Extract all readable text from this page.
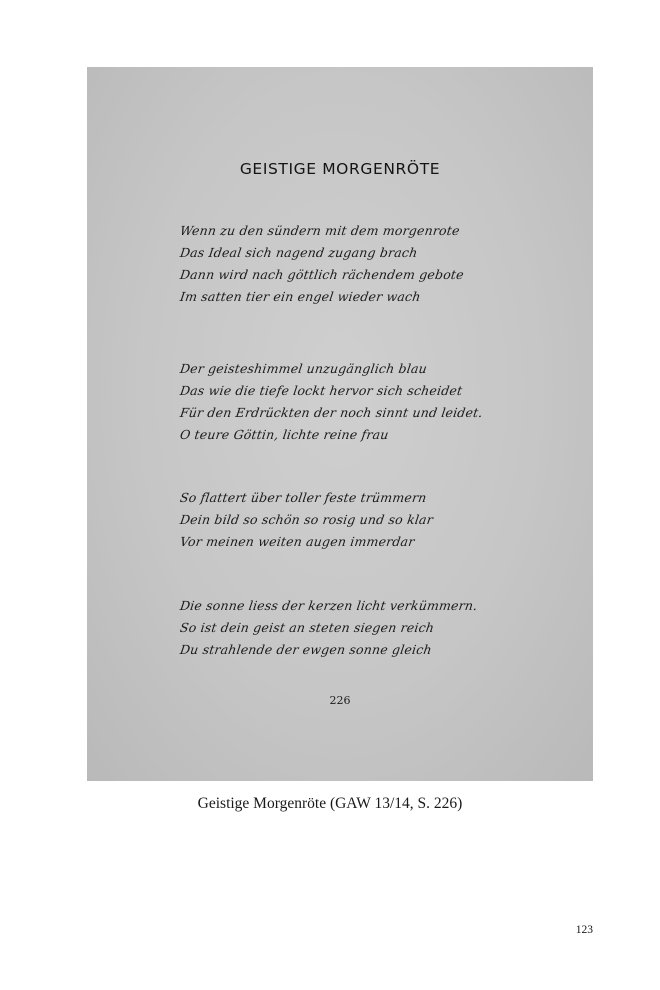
GEISTIGE MORGENRÖTE
Wenn zu den sündern mit dem morgenrote
Das Ideal sich nagend zugang brach
Dann wird nach göttlich rächendem gebote
Im satten tier ein engel wieder wach
Der geisteshimmel unzugänglich blau
Das wie die tiefe lockt hervor sich scheidet
Für den Erdrückten der noch sinnt und leidet.
O teure Göttin, lichte reine frau
So flattert über toller feste trümmern
Dein bild so schön so rosig und so klar
Vor meinen weiten augen immerdar
Die sonne liess der kerzen licht verkümmern.
So ist dein geist an steten siegen reich
Du strahlende der ewgen sonne gleich
226
Geistige Morgenröte (GAW 13/14, S. 226)
123
